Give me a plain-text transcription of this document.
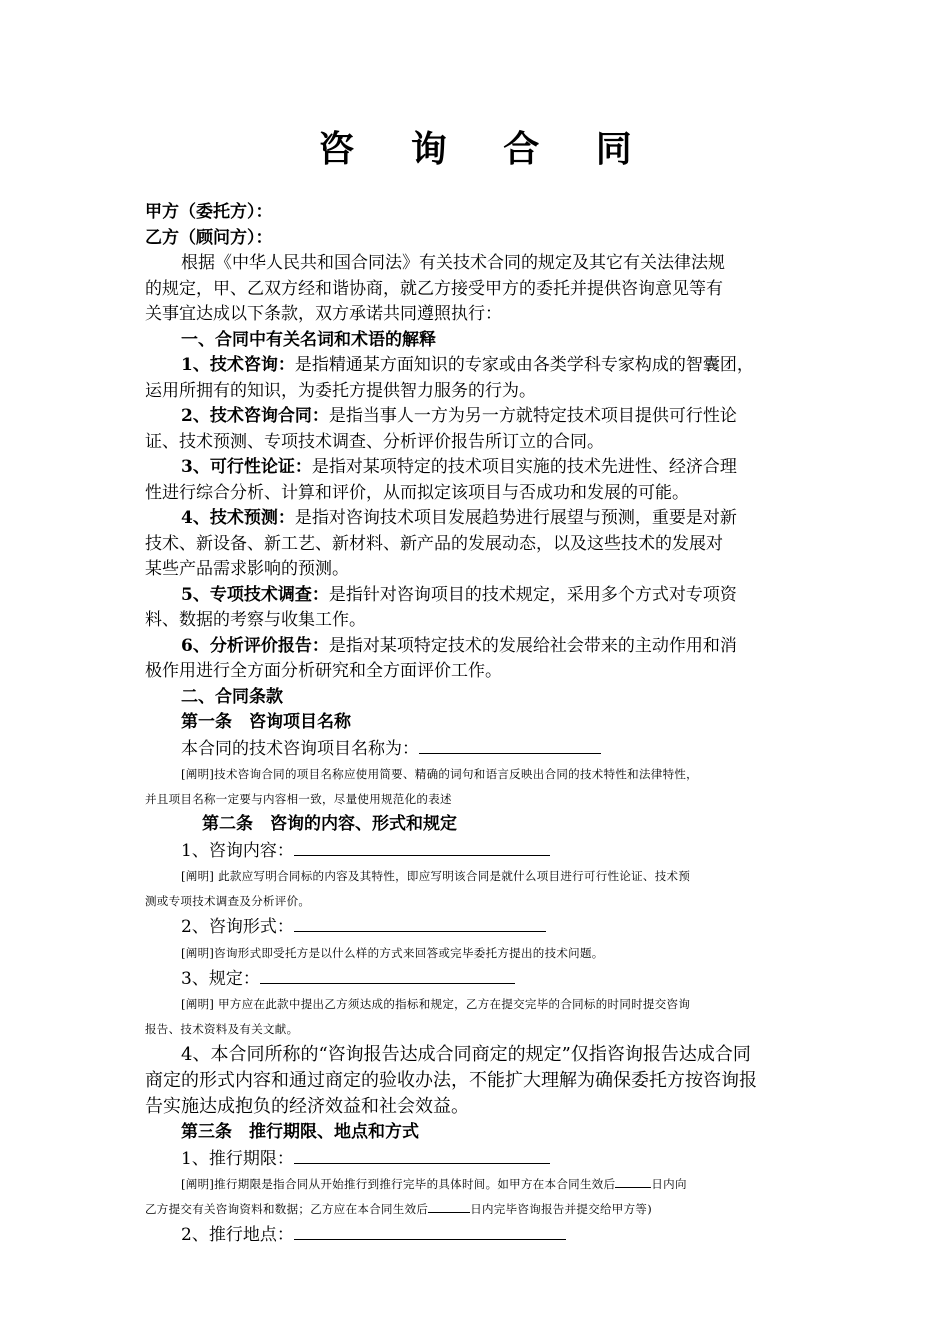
咨 询 合 同
甲方（委托方）：
乙方（顾问方）：
根据《中华人民共和国合同法》有关技术合同的规定及其它有关法律法规
的规定，甲、乙双方经和谐协商，就乙方接受甲方的委托并提供咨询意见等有
关事宜达成以下条款，双方承诺共同遵照执行：
一、合同中有关名词和术语的解释
1、技术咨询：是指精通某方面知识的专家或由各类学科专家构成的智囊团，
运用所拥有的知识，为委托方提供智力服务的行为。
2、技术咨询合同：是指当事人一方为另一方就特定技术项目提供可行性论
证、技术预测、专项技术调查、分析评价报告所订立的合同。
3、可行性论证：是指对某项特定的技术项目实施的技术先进性、经济合理
性进行综合分析、计算和评价，从而拟定该项目与否成功和发展的可能。
4、技术预测：是指对咨询技术项目发展趋势进行展望与预测，重要是对新
技术、新设备、新工艺、新材料、新产品的发展动态，以及这些技术的发展对
某些产品需求影响的预测。
5、专项技术调查：是指针对咨询项目的技术规定，采用多个方式对专项资
料、数据的考察与收集工作。
6、分析评价报告：是指对某项特定技术的发展给社会带来的主动作用和消
极作用进行全方面分析研究和全方面评价工作。
二、合同条款
第一条　咨询项目名称
本合同的技术咨询项目名称为：
[阐明]技术咨询合同的项目名称应使用简要、精确的词句和语言反映出合同的技术特性和法律特性，
并且项目名称一定要与内容相一致，尽量使用规范化的表述
第二条　咨询的内容、形式和规定
1、咨询内容：
[阐明] 此款应写明合同标的内容及其特性，即应写明该合同是就什么项目进行可行性论证、技术预
测或专项技术调查及分析评价。
2、咨询形式：
[阐明]咨询形式即受托方是以什么样的方式来回答或完毕委托方提出的技术问题。
3、规定：
[阐明] 甲方应在此款中提出乙方须达成的指标和规定，乙方在提交完毕的合同标的时同时提交咨询
报告、技术资料及有关文献。
4、本合同所称的“咨询报告达成合同商定的规定”仅指咨询报告达成合同
商定的形式内容和通过商定的验收办法，不能扩大理解为确保委托方按咨询报
告实施达成抱负的经济效益和社会效益。
第三条　推行期限、地点和方式
1、推行期限：
[阐明]推行期限是指合同从开始推行到推行完毕的具体时间。如甲方在本合同生效后	日内向
乙方提交有关咨询资料和数据；乙方应在本合同生效后	日内完毕咨询报告并提交给甲方等)
2、推行地点：
